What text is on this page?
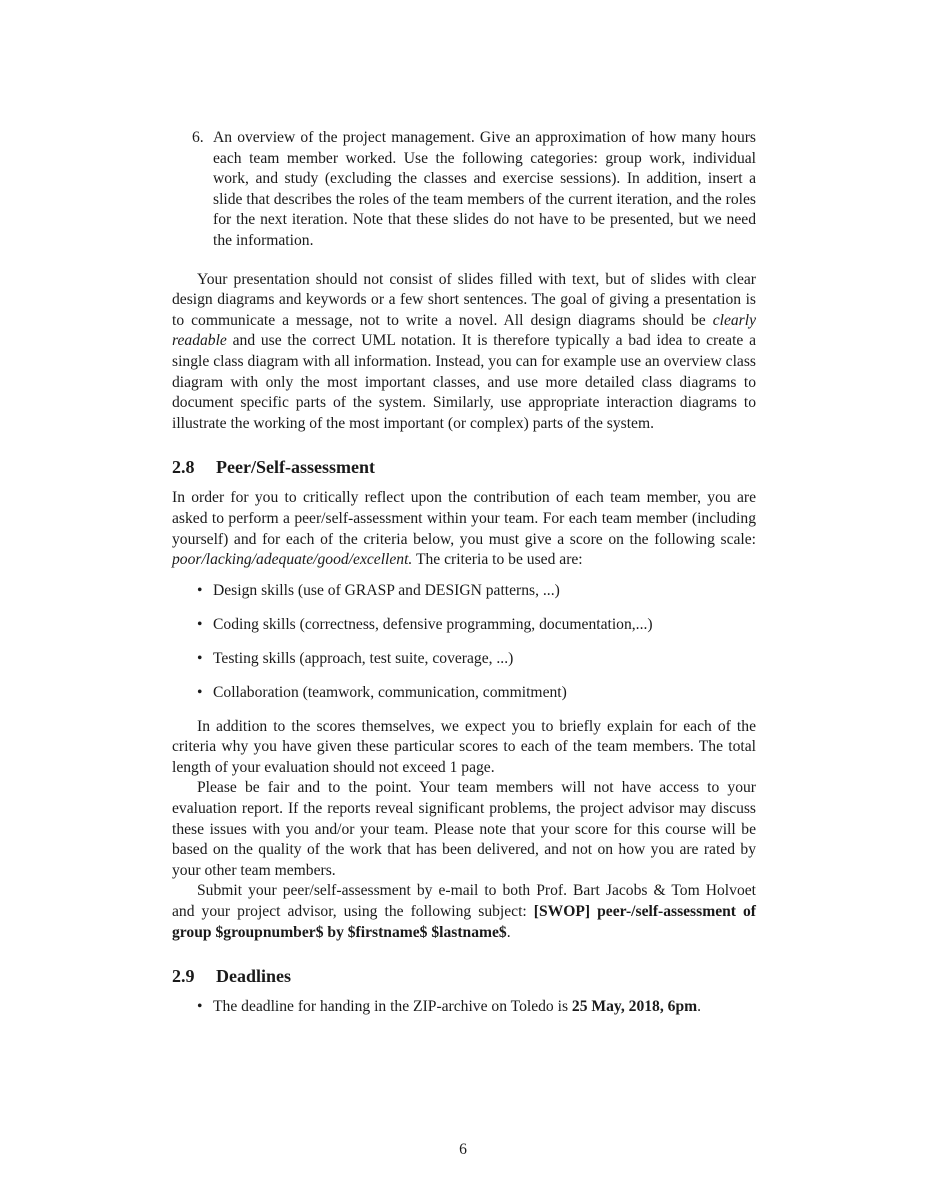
6. An overview of the project management. Give an approximation of how many hours each team member worked. Use the following categories: group work, individual work, and study (excluding the classes and exercise sessions). In addition, insert a slide that describes the roles of the team members of the current iteration, and the roles for the next iteration. Note that these slides do not have to be presented, but we need the information.

Your presentation should not consist of slides filled with text, but of slides with clear design diagrams and keywords or a few short sentences. The goal of giving a presentation is to communicate a message, not to write a novel. All design diagrams should be clearly readable and use the correct UML notation. It is therefore typically a bad idea to create a single class diagram with all information. Instead, you can for example use an overview class diagram with only the most important classes, and use more detailed class diagrams to document specific parts of the system. Similarly, use appropriate interaction diagrams to illustrate the working of the most important (or complex) parts of the system.

2.8 Peer/Self-assessment

In order for you to critically reflect upon the contribution of each team member, you are asked to perform a peer/self-assessment within your team. For each team member (including yourself) and for each of the criteria below, you must give a score on the following scale: poor/lacking/adequate/good/excellent. The criteria to be used are:

• Design skills (use of GRASP and DESIGN patterns, ...)
• Coding skills (correctness, defensive programming, documentation,...)
• Testing skills (approach, test suite, coverage, ...)
• Collaboration (teamwork, communication, commitment)

In addition to the scores themselves, we expect you to briefly explain for each of the criteria why you have given these particular scores to each of the team members. The total length of your evaluation should not exceed 1 page.

Please be fair and to the point. Your team members will not have access to your evaluation report. If the reports reveal significant problems, the project advisor may discuss these issues with you and/or your team. Please note that your score for this course will be based on the quality of the work that has been delivered, and not on how you are rated by your other team members.

Submit your peer/self-assessment by e-mail to both Prof. Bart Jacobs & Tom Holvoet and your project advisor, using the following subject: [SWOP] peer-/self-assessment of group $groupnumber$ by $firstname$ $lastname$.

2.9 Deadlines
• The deadline for handing in the ZIP-archive on Toledo is 25 May, 2018, 6pm.
6
